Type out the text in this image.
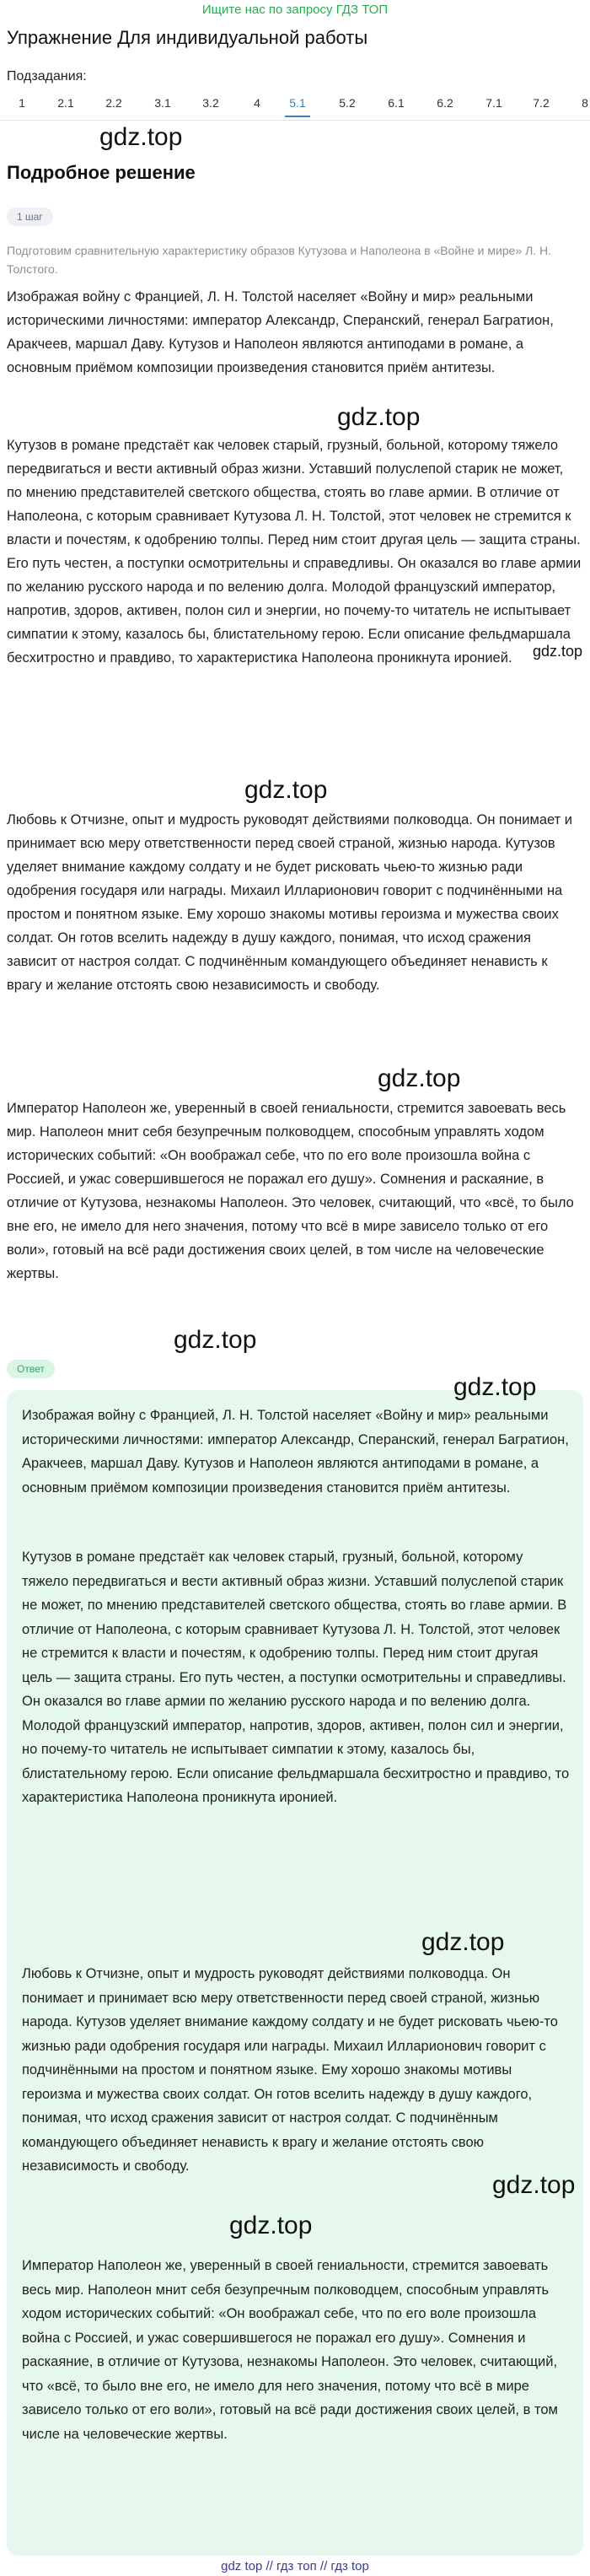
Ищите нас по запросу ГДЗ ТОП
Упражнение Для индивидуальной работы
Подзадания:
1	2.1	2.2	3.1	3.2	4	5.1	5.2	6.1	6.2	7.1	7.2	8
gdz.top
Подробное решение
1 шаг

Подготовим сравнительную характеристику образов Кутузова и Наполеона в «Войне и мире» Л. Н. Толстого.

Изображая войну с Францией, Л. Н. Толстой населяет «Войну и мир» реальными историческими личностями: император Александр, Сперанский, генерал Багратион, Аракчеев, маршал Даву. Кутузов и Наполеон являются антиподами в романе, а основным приёмом композиции произведения становится приём антитезы.

gdz.top

Кутузов в романе предстаёт как человек старый, грузный, больной, которому тяжело передвигаться и вести активный образ жизни. Уставший полуслепой старик не может, по мнению представителей светского общества, стоять во главе армии. В отличие от Наполеона, с которым сравнивает Кутузова Л. Н. Толстой, этот человек не стремится к власти и почестям, к одобрению толпы. Перед ним стоит другая цель — защита страны. Его путь честен, а поступки осмотрительны и справедливы. Он оказался во главе армии по желанию русского народа и по велению долга. Молодой французский император, напротив, здоров, активен, полон сил и энергии, но почему-то читатель не испытывает симпатии к этому, казалось бы, блистательному герою. Если описание фельдмаршала бесхитростно и правдиво, то характеристика Наполеона проникнута иронией.	gdz.top
gdz.top

Любовь к Отчизне, опыт и мудрость руководят действиями полководца. Он понимает и принимает всю меру ответственности перед своей страной, жизнью народа. Кутузов уделяет внимание каждому солдату и не будет рисковать чьею-то жизнью ради одобрения государя или награды. Михаил Илларионович говорит с подчинёнными на простом и понятном языке. Ему хорошо знакомы мотивы героизма и мужества своих солдат. Он готов вселить надежду в душу каждого, понимая, что исход сражения зависит от настроя солдат. С подчинённым командующего объединяет ненависть к врагу и желание отстоять свою независимость и свободу.

gdz.top

Император Наполеон же, уверенный в своей гениальности, стремится завоевать весь мир. Наполеон мнит себя безупречным полководцем, способным управлять ходом исторических событий: «Он воображал себе, что по его воле произошла война с Россией, и ужас совершившегося не поражал его душу». Сомнения и раскаяние, в отличие от Кутузова, незнакомы Наполеон. Это человек, считающий, что «всё, то было вне его, не имело для него значения, потому что всё в мире зависело только от его воли», готовый на всё ради достижения своих целей, в том числе на человеческие жертвы.

gdz.top
Ответ
gdz.top

Изображая войну с Францией, Л. Н. Толстой населяет «Войну и мир» реальными историческими личностями: император Александр, Сперанский, генерал Багратион, Аракчеев, маршал Даву. Кутузов и Наполеон являются антиподами в романе, а основным приёмом композиции произведения становится приём антитезы.

Кутузов в романе предстаёт как человек старый, грузный, больной, которому тяжело передвигаться и вести активный образ жизни. Уставший полуслепой старик не может, по мнению представителей светского общества, стоять во главе армии. В отличие от Наполеона, с которым сравнивает Кутузова Л. Н. Толстой, этот человек не стремится к власти и почестям, к одобрению толпы. Перед ним стоит другая цель — защита страны. Его путь честен, а поступки осмотрительны и справедливы. Он оказался во главе армии по желанию русского народа и по велению долга. Молодой французский император, напротив, здоров, активен, полон сил и энергии, но почему-то читатель не испытывает симпатии к этому, казалось бы, блистательному герою. Если описание фельдмаршала бесхитростно и правдиво, то характеристика Наполеона проникнута иронией.

gdz.top

Любовь к Отчизне, опыт и мудрость руководят действиями полководца. Он понимает и принимает всю меру ответственности перед своей страной, жизнью народа. Кутузов уделяет внимание каждому солдату и не будет рисковать чьею-то жизнью ради одобрения государя или награды. Михаил Илларионович говорит с подчинёнными на простом и понятном языке. Ему хорошо знакомы мотивы героизма и мужества своих солдат. Он готов вселить надежду в душу каждого, понимая, что исход сражения зависит от настроя солдат. С подчинённым командующего объединяет ненависть к врагу и желание отстоять свою независимость и свободу.

gdz.top
gdz.top

Император Наполеон же, уверенный в своей гениальности, стремится завоевать весь мир. Наполеон мнит себя безупречным полководцем, способным управлять ходом исторических событий: «Он воображал себе, что по его воле произошла война с Россией, и ужас совершившегося не поражал его душу». Сомнения и раскаяние, в отличие от Кутузова, незнакомы Наполеон. Это человек, считающий, что «всё, то было вне его, не имело для него значения, потому что всё в мире зависело только от его воли», готовый на всё ради достижения своих целей, в том числе на человеческие жертвы.

gdz top // гдз топ // гдз top
